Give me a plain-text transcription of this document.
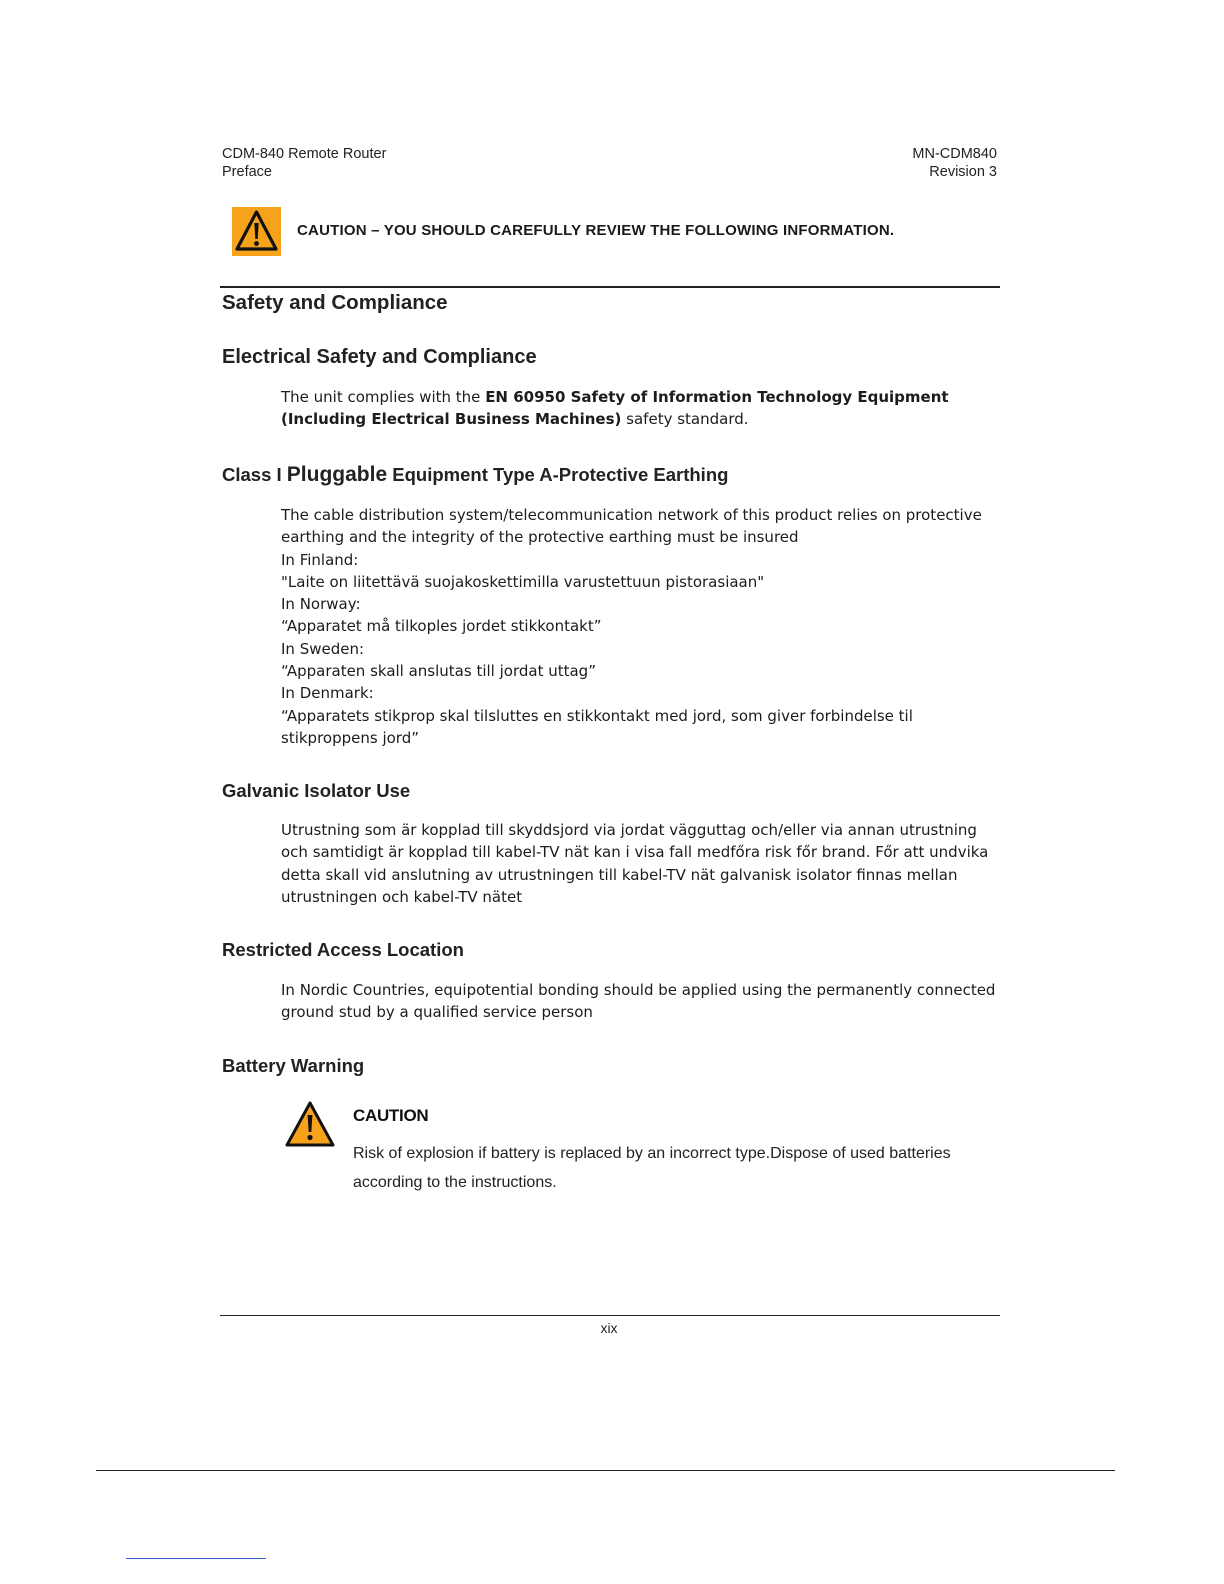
CDM-840 Remote Router
Preface
MN-CDM840
Revision 3
CAUTION – YOU SHOULD CAREFULLY REVIEW THE FOLLOWING INFORMATION.
Safety and Compliance
Electrical Safety and Compliance

The unit complies with the EN 60950 Safety of Information Technology Equipment (Including Electrical Business Machines) safety standard.

Class I Pluggable Equipment Type A-Protective Earthing

The cable distribution system/telecommunication network of this product relies on protective earthing and the integrity of the protective earthing must be insured

In Finland:

"Laite on liitettävä suojakoskettimilla varustettuun pistorasiaan"

In Norway:

“Apparatet må tilkoples jordet stikkontakt”

In Sweden:

“Apparaten skall anslutas till jordat uttag”

In Denmark:

“Apparatets stikprop skal tilsluttes en stikkontakt med jord, som giver forbindelse til stikproppens jord”

Galvanic Isolator Use

Utrustning som är kopplad till skyddsjord via jordat vägguttag och/eller via annan utrustning och samtidigt är kopplad till kabel-TV nät kan i visa fall medfőra risk főr brand. Főr att undvika detta skall vid anslutning av utrustningen till kabel-TV nät galvanisk isolator finnas mellan utrustningen och kabel-TV nätet

Restricted Access Location

In Nordic Countries, equipotential bonding should be applied using the permanently connected ground stud by a qualified service person

Battery Warning
CAUTION
Risk of explosion if battery is replaced by an incorrect type.Dispose of used batteries according to the instructions.
xix
